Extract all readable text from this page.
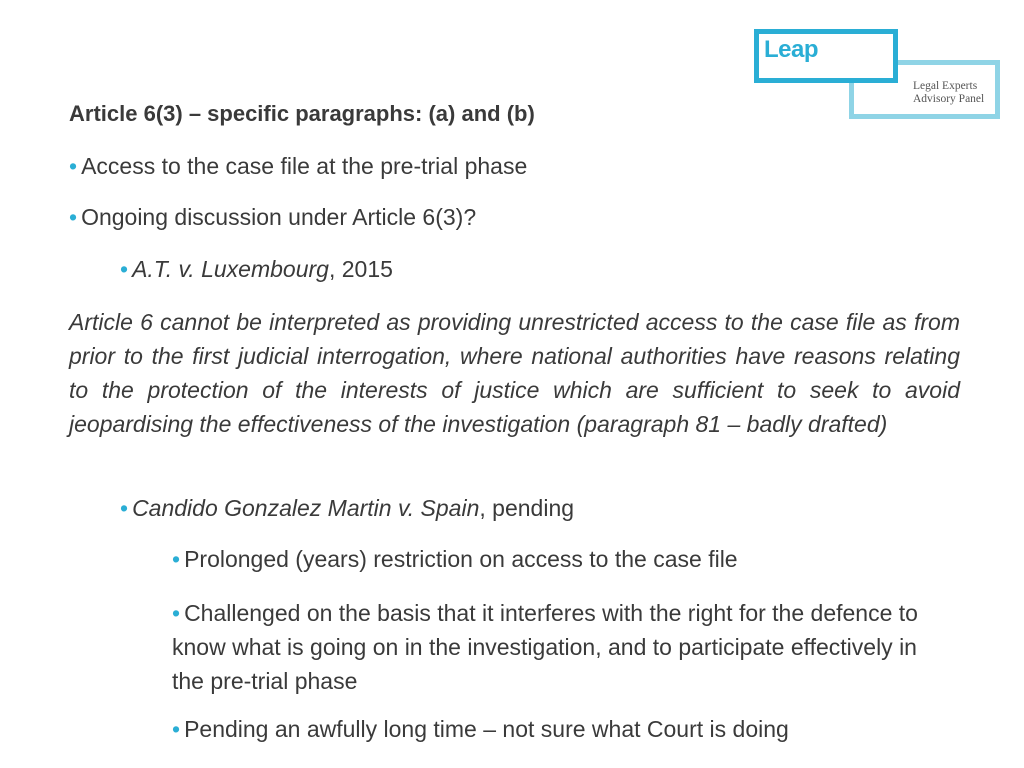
Leap
Legal Experts
Advisory Panel
Article 6(3) – specific paragraphs: (a) and (b)
• Access to the case file at the pre-trial phase
• Ongoing discussion under Article 6(3)?
• A.T. v. Luxembourg, 2015
Article 6 cannot be interpreted as providing unrestricted access to the case file as from prior to the first judicial interrogation, where national authorities have reasons relating to the protection of the interests of justice which are sufficient to seek to avoid jeopardising the effectiveness of the investigation (paragraph 81 – badly drafted)
• Candido Gonzalez Martin v. Spain, pending
• Prolonged (years) restriction on access to the case file
• Challenged on the basis that it interferes with the right for the defence to know what is going on in the investigation, and to participate effectively in the pre-trial phase
• Pending an awfully long time – not sure what Court is doing
